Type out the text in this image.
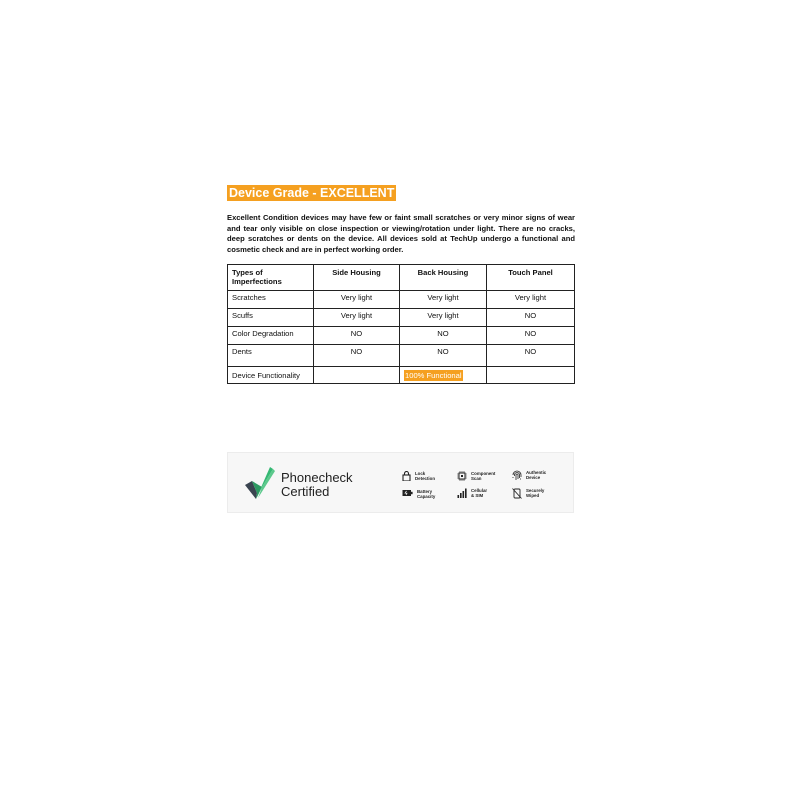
Device Grade - EXCELLENT
Excellent Condition devices may have few or faint small scratches or very minor signs of wear and tear only visible on close inspection or viewing/rotation under light. There are no cracks, deep scratches or dents on the device. All devices sold at TechUp undergo a functional and cosmetic check and are in perfect working order.
Types of Imperfections	Side Housing	Back Housing	Touch Panel
Scratches	Very light	Very light	Very light
Scuffs	Very light	Very light	NO
Color Degradation	NO	NO	NO
Dents	NO	NO	NO
Device Functionality		100% Functional	
Phonecheck
Certified
Lock
Detection
Component
Scan
Authentic
Device
Battery
Capacity
Cellular
& SIM
Securely
Wiped
